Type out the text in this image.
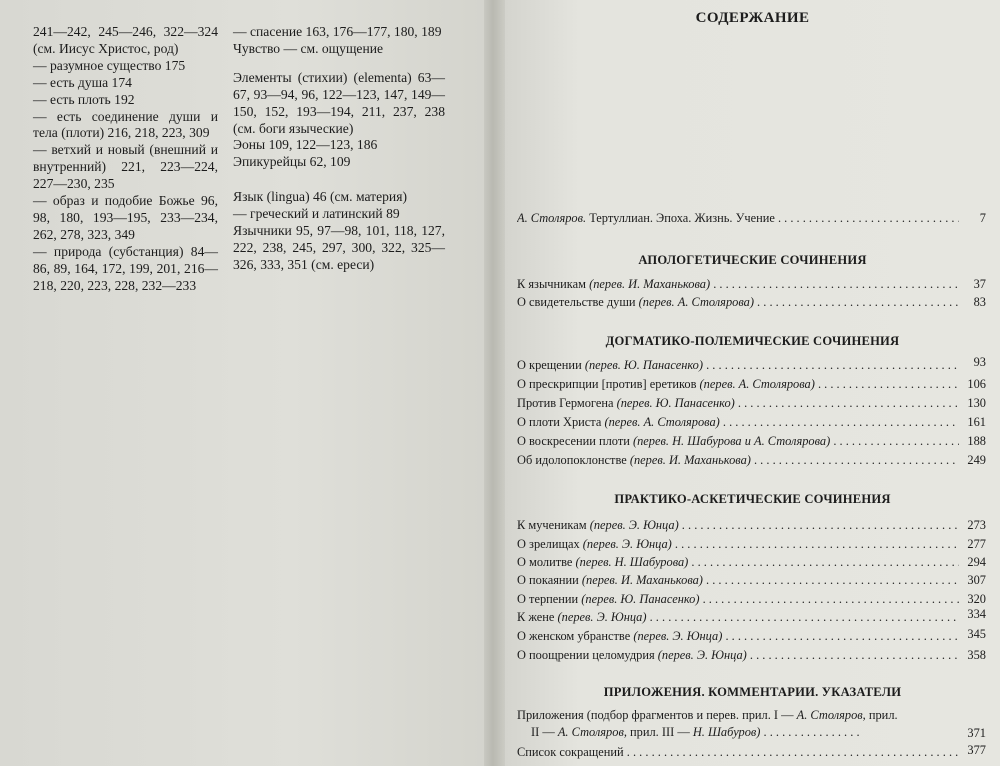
241—242, 245—246, 322—324 (см. Иисус Христос, род)

— разумное существо 175

— есть душа 174

— есть плоть 192

— есть соединение души и тела (плоти) 216, 218, 223, 309

— ветхий и новый (внешний и внутренний) 221, 223—224, 227—230, 235

— образ и подобие Божье 96, 98, 180, 193—195, 233—234, 262, 278, 323, 349

— природа (субстанция) 84—86, 89, 164, 172, 199, 201, 216—218, 220, 223, 228, 232—233

— спасение 163, 176—177, 180, 189

Чувство — см. ощущение

Элементы (стихии) (elementa) 63—67, 93—94, 96, 122—123, 147, 149—150, 152, 193—194, 211, 237, 238 (см. боги языческие)

Эоны 109, 122—123, 186

Эпикурейцы 62, 109

Язык (lingua) 46 (см. материя)

— греческий и латинский 89

Язычники 95, 97—98, 101, 118, 127, 222, 238, 245, 297, 300, 322, 325—326, 333, 351 (см. ереси)

СОДЕРЖАНИЕ
А. Столяров. Тертуллиан. Эпоха. Жизнь. Учение . . .	7
АПОЛОГЕТИЧЕСКИЕ СОЧИНЕНИЯ
К язычникам (перев. И. Маханькова) . . .	37
О свидетельстве души (перев. А. Столярова) . . .	83
ДОГМАТИКО-ПОЛЕМИЧЕСКИЕ СОЧИНЕНИЯ
О крещении (перев. Ю. Панасенко) . . .	93
О прескрипции [против] еретиков (перев. А. Столярова) . . .	106
Против Гермогена (перев. Ю. Панасенко) . . .	130
О плоти Христа (перев. А. Столярова) . . .	161
О воскресении плоти (перев. Н. Шабурова и А. Столярова) . . .	188
Об идолопоклонстве (перев. И. Маханькова) . . .	249
ПРАКТИКО-АСКЕТИЧЕСКИЕ СОЧИНЕНИЯ
К мученикам (перев. Э. Юнца) . . .	273
О зрелищах (перев. Э. Юнца) . . .	277
О молитве (перев. Н. Шабурова) . . .	294
О покаянии (перев. И. Маханькова) . . .	307
О терпении (перев. Ю. Панасенко) . . .	320
К жене (перев. Э. Юнца) . . .	334
О женском убранстве (перев. Э. Юнца) . . .	345
О поощрении целомудрия (перев. Э. Юнца) . . .	358
ПРИЛОЖЕНИЯ. КОММЕНТАРИИ. УКАЗАТЕЛИ
Приложения (подбор фрагментов и перев. прил. I — А. Столяров, прил.
II — А. Столяров, прил. III — Н. Шабуров) . . . . . . . . . . . . . . . .	371
Список сокращений . . .	377
